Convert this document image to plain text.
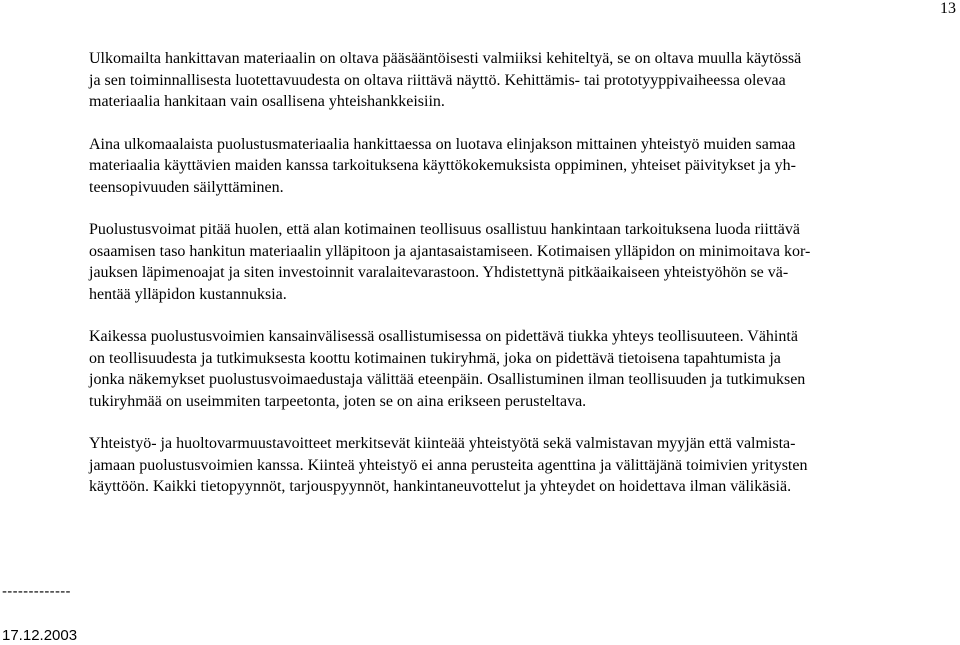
13

Ulkomailta hankittavan materiaalin on oltava pääsääntöisesti valmiiksi kehiteltyä, se on oltava muulla käytössä
ja sen toiminnallisesta luotettavuudesta on oltava riittävä näyttö. Kehittämis- tai prototyyppivaiheessa olevaa
materiaalia hankitaan vain osallisena yhteishankkeisiin.

Aina ulkomaalaista puolustusmateriaalia hankittaessa on luotava elinjakson mittainen yhteistyö muiden samaa
materiaalia käyttävien maiden kanssa tarkoituksena käyttökokemuksista oppiminen, yhteiset päivitykset ja yh-
teensopivuuden säilyttäminen.

Puolustusvoimat pitää huolen, että alan kotimainen teollisuus osallistuu hankintaan tarkoituksena luoda riittävä
osaamisen taso hankitun materiaalin ylläpitoon ja ajantasaistamiseen. Kotimaisen ylläpidon on minimoitava kor-
jauksen läpimenoajat ja siten investoinnit varalaitevarastoon. Yhdistettynä pitkäaikaiseen yhteistyöhön se vä-
hentää ylläpidon kustannuksia.

Kaikessa puolustusvoimien kansainvälisessä osallistumisessa on pidettävä tiukka yhteys teollisuuteen. Vähintä
on teollisuudesta ja tutkimuksesta koottu kotimainen tukiryhmä, joka on pidettävä tietoisena tapahtumista ja
jonka näkemykset puolustusvoimaedustaja välittää eteenpäin. Osallistuminen ilman teollisuuden ja tutkimuksen
tukiryhmää on useimmiten tarpeetonta, joten se on aina erikseen perusteltava.

Yhteistyö- ja huoltovarmuustavoitteet merkitsevät kiinteää yhteistyötä sekä valmistavan myyjän että valmista-
jamaan puolustusvoimien kanssa. Kiinteä yhteistyö ei anna perusteita agenttina ja välittäjänä toimivien yritysten
käyttöön. Kaikki tietopyynnöt, tarjouspyynnöt, hankintaneuvottelut ja yhteydet on hoidettava ilman välikäsiä.

-------------
17.12.2003
